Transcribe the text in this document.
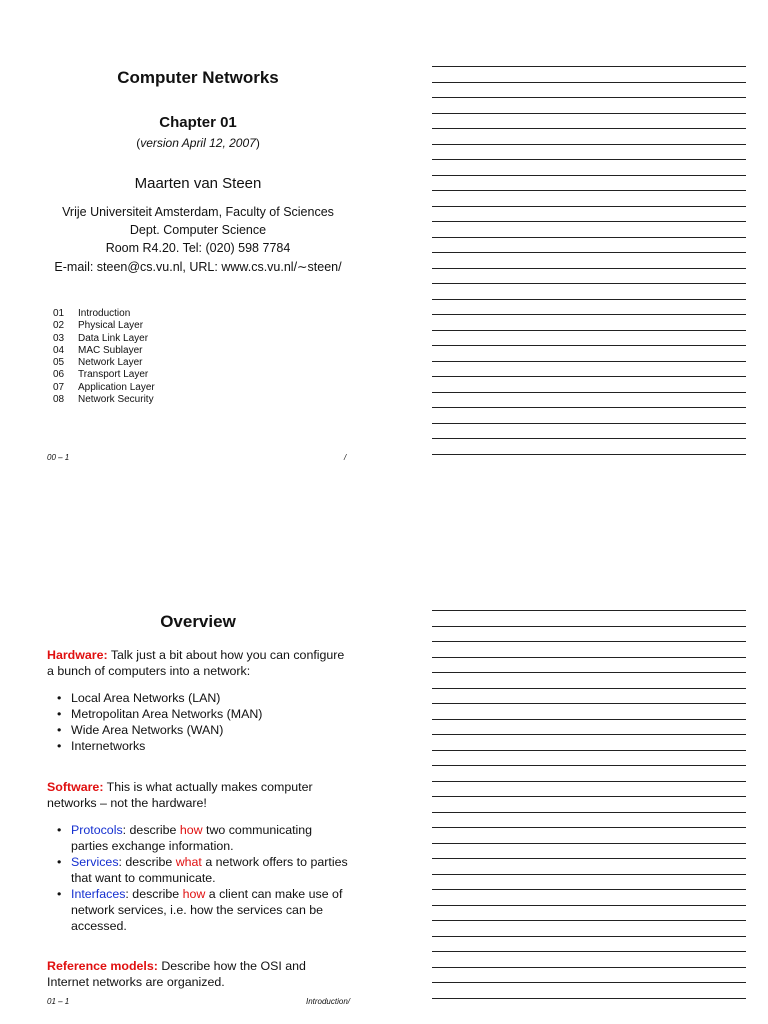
Computer Networks
Chapter 01
(version April 12, 2007)
Maarten van Steen
Vrije Universiteit Amsterdam, Faculty of Sciences
Dept. Computer Science
Room R4.20. Tel: (020) 598 7784
E-mail: steen@cs.vu.nl, URL: www.cs.vu.nl/∼steen/
01	Introduction
02	Physical Layer
03	Data Link Layer
04	MAC Sublayer
05	Network Layer
06	Transport Layer
07	Application Layer
08	Network Security
00 – 1	/
Overview
Hardware: Talk just a bit about how you can configure a bunch of computers into a network:
• Local Area Networks (LAN)
• Metropolitan Area Networks (MAN)
• Wide Area Networks (WAN)
• Internetworks
Software: This is what actually makes computer networks – not the hardware!
• Protocols: describe how two communicating parties exchange information.
• Services: describe what a network offers to parties that want to communicate.
• Interfaces: describe how a client can make use of network services, i.e. how the services can be accessed.
Reference models: Describe how the OSI and Internet networks are organized.
01 – 1	Introduction/
